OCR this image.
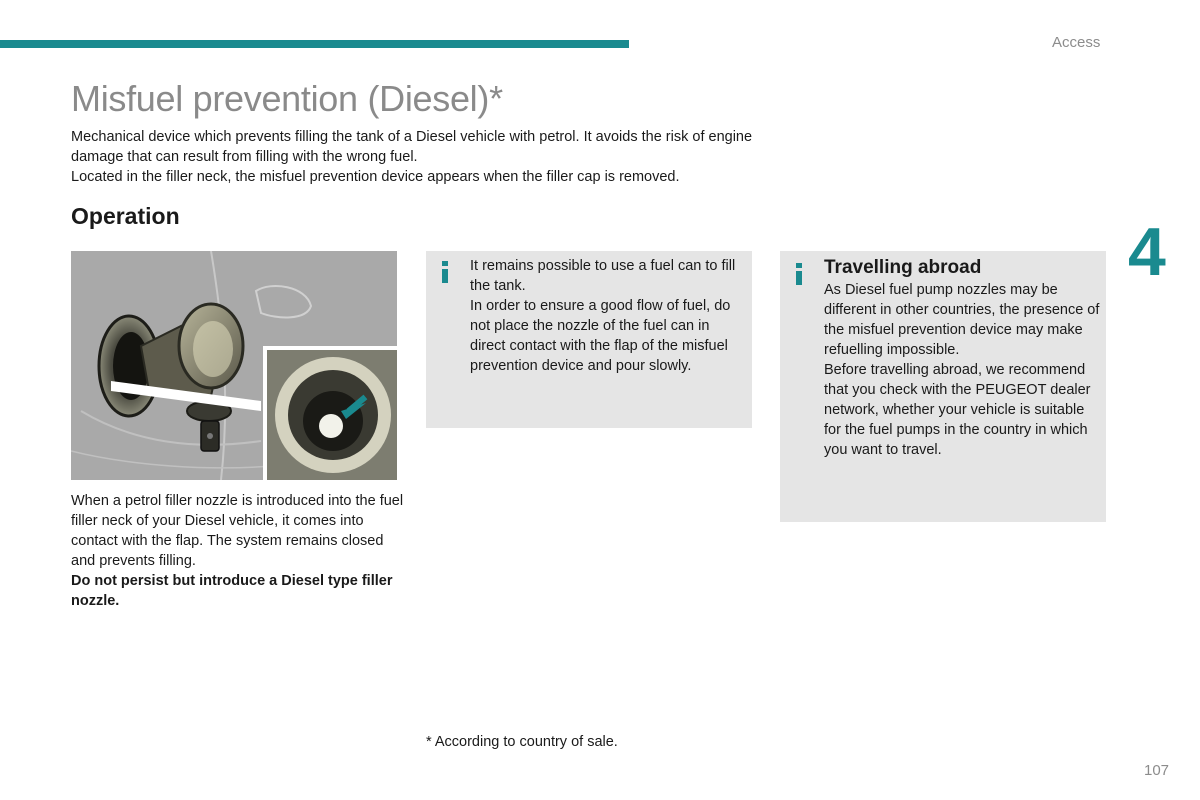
Access
4
Misfuel prevention (Diesel)*

Mechanical device which prevents filling the tank of a Diesel vehicle with petrol. It avoids the risk of engine damage that can result from filling with the wrong fuel.

Located in the filler neck, the misfuel prevention device appears when the filler cap is removed.

Operation

When a petrol filler nozzle is introduced into the fuel filler neck of your Diesel vehicle, it comes into contact with the flap. The system remains closed and prevents filling.

Do not persist but introduce a Diesel type filler nozzle.

It remains possible to use a fuel can to fill the tank.

In order to ensure a good flow of fuel, do not place the nozzle of the fuel can in direct contact with the flap of the misfuel prevention device and pour slowly.

Travelling abroad

As Diesel fuel pump nozzles may be different in other countries, the presence of the misfuel prevention device may make refuelling impossible.

Before travelling abroad, we recommend that you check with the PEUGEOT dealer network, whether your vehicle is suitable for the fuel pumps in the country in which you want to travel.

* According to country of sale.
107
